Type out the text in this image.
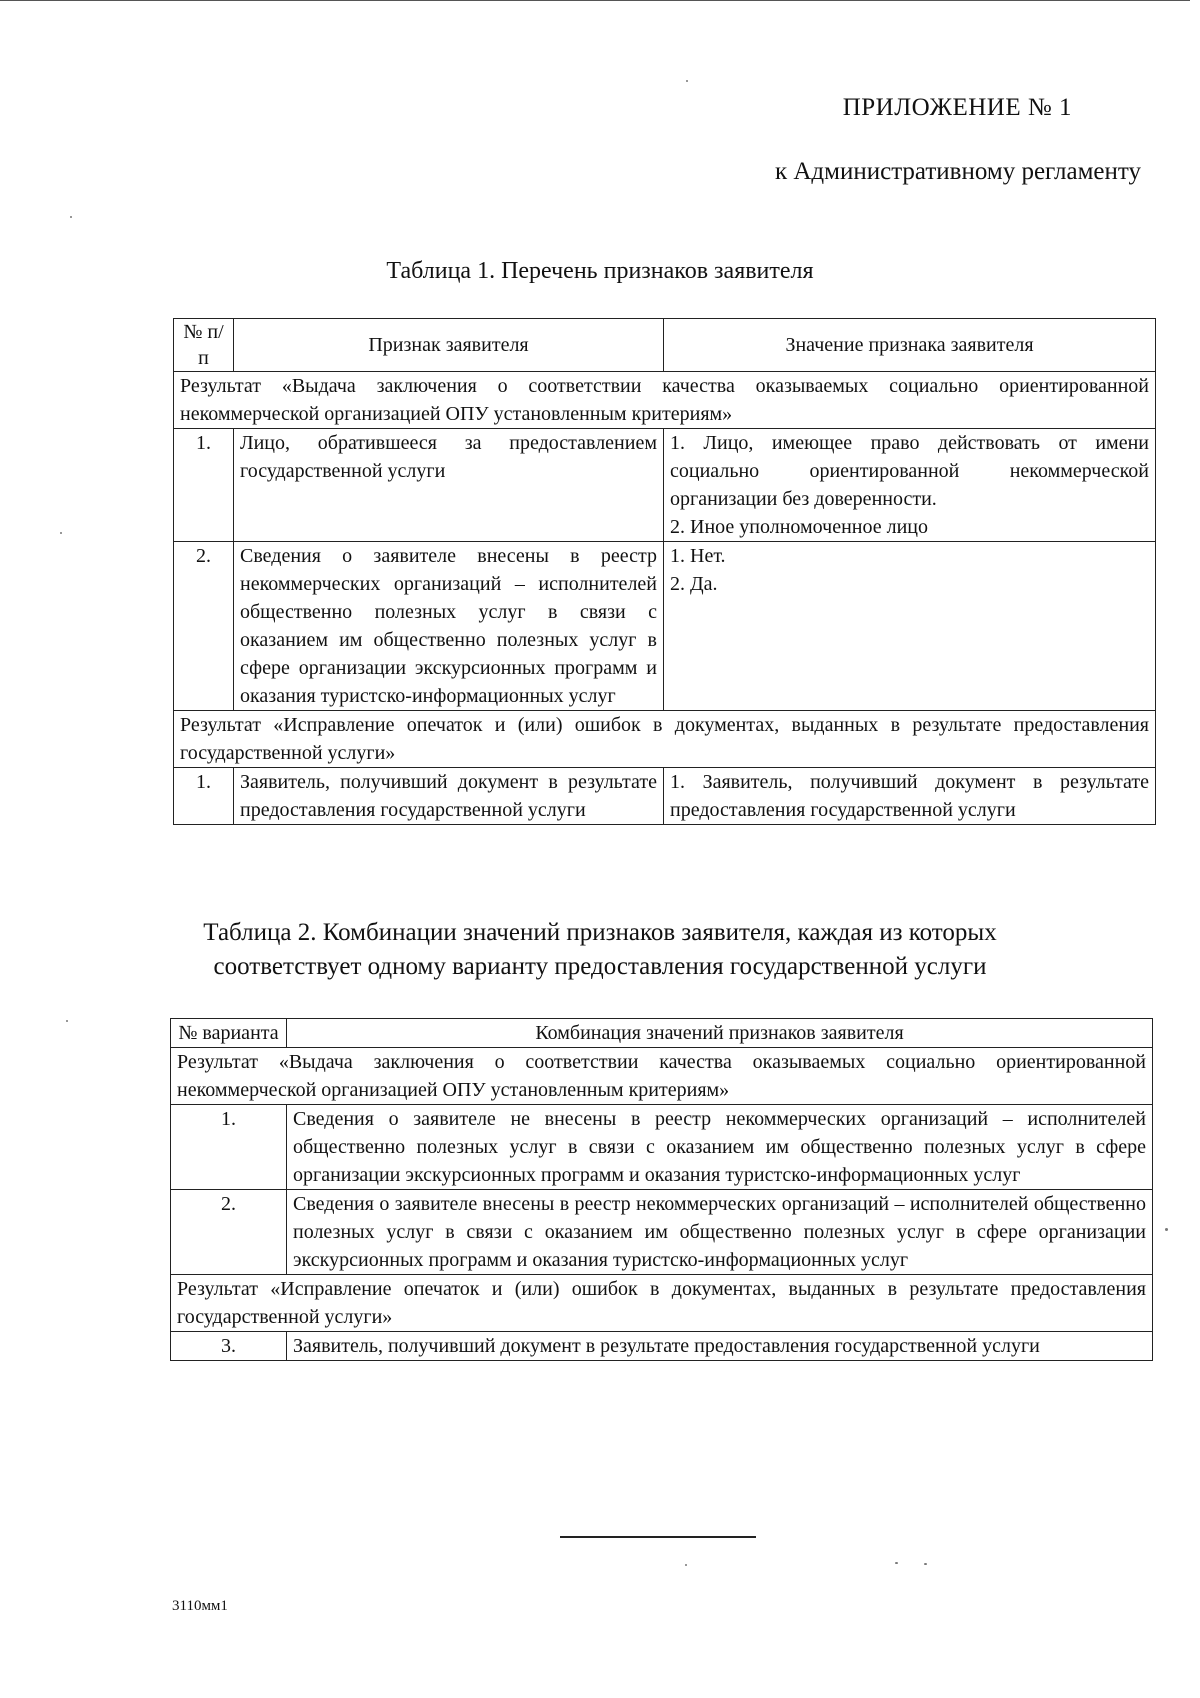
ПРИЛОЖЕНИЕ № 1
к Административному регламенту
Таблица 1. Перечень признаков заявителя
№ п/п	Признак заявителя	Значение признака заявителя
Результат «Выдача заключения о соответствии качества оказываемых социально ориентированной некоммерческой организацией ОПУ установленным критериям»		
1.	Лицо, обратившееся за предоставлением государственной услуги	1. Лицо, имеющее право действовать от имени социально ориентированной некоммерческой организации без доверенности.
2. Иное уполномоченное лицо

2.	Сведения о заявителе внесены в реестр некоммерческих организаций – исполнителей общественно полезных услуг в связи с оказанием им общественно полезных услуг в сфере организации экскурсионных программ и оказания туристско-информационных услуг	1. Нет.
2. Да.

Результат «Исправление опечаток и (или) ошибок в документах, выданных в результате предоставления государственной услуги»		
1.	Заявитель, получивший документ в результате предоставления государственной услуги	1. Заявитель, получивший документ в результате предоставления государственной услуги
Таблица 2. Комбинации значений признаков заявителя, каждая из которых
соответствует одному варианту предоставления государственной услуги
№ варианта	Комбинация значений признаков заявителя
Результат «Выдача заключения о соответствии качества оказываемых социально ориентированной некоммерческой организацией ОПУ установленным критериям»	
1.	Сведения о заявителе не внесены в реестр некоммерческих организаций – исполнителей общественно полезных услуг в связи с оказанием им общественно полезных услуг в сфере организации экскурсионных программ и оказания туристско-информационных услуг
2.	Сведения о заявителе внесены в реестр некоммерческих организаций – исполнителей общественно полезных услуг в связи с оказанием им общественно полезных услуг в сфере организации экскурсионных программ и оказания туристско-информационных услуг
Результат «Исправление опечаток и (или) ошибок в документах, выданных в результате предоставления государственной услуги»	
3.	Заявитель, получивший документ в результате предоставления государственной услуги
3110мм1
